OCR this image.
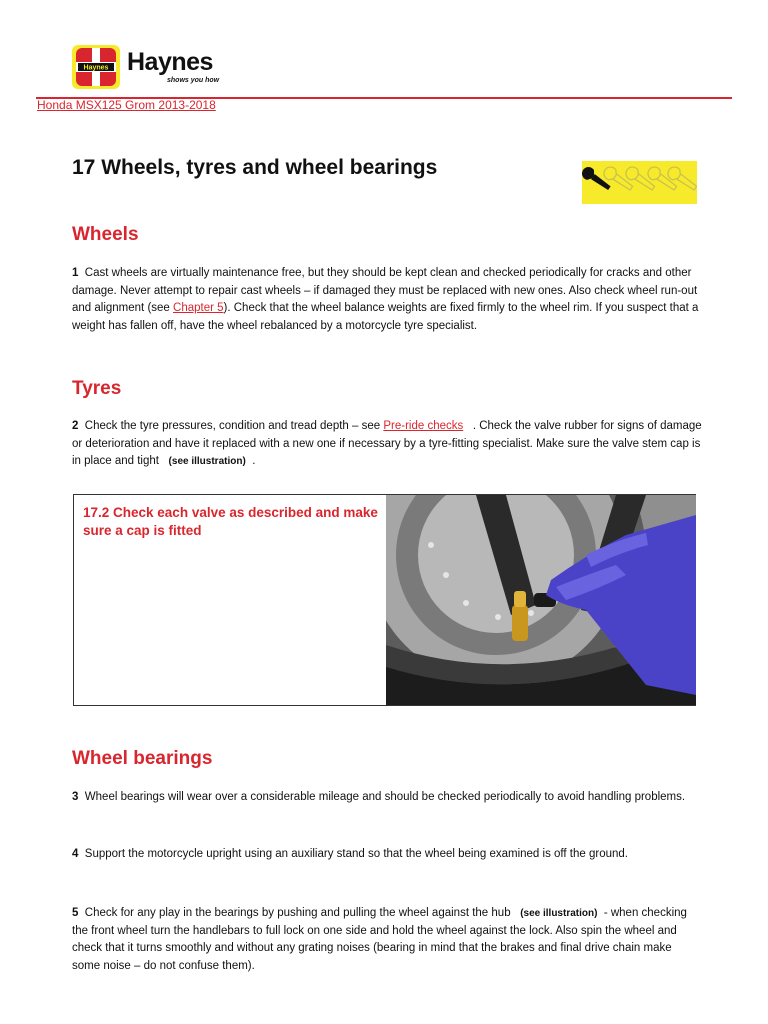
Haynes Haynes
shows you how
Honda MSX125 Grom 2013-2018
17 Wheels, tyres and wheel bearings
Wheels

1 Cast wheels are virtually maintenance free, but they should be kept clean and checked periodically for cracks and other damage. Never attempt to repair cast wheels – if damaged they must be replaced with new ones. Also check wheel run-out and alignment (see Chapter 5). Check that the wheel balance weights are fixed firmly to the wheel rim. If you suspect that a weight has fallen off, have the wheel rebalanced by a motorcycle tyre specialist.

Tyres

2 Check the tyre pressures, condition and tread depth – see Pre-ride checks . Check the valve rubber for signs of damage or deterioration and have it replaced with a new one if necessary by a tyre-fitting specialist. Make sure the valve stem cap is in place and tight (see illustration) .

17.2 Check each valve as described and make sure a cap is fitted
Wheel bearings

3 Wheel bearings will wear over a considerable mileage and should be checked periodically to avoid handling problems.

4 Support the motorcycle upright using an auxiliary stand so that the wheel being examined is off the ground.

5 Check for any play in the bearings by pushing and pulling the wheel against the hub (see illustration) - when checking the front wheel turn the handlebars to full lock on one side and hold the wheel against the lock. Also spin the wheel and check that it turns smoothly and without any grating noises (bearing in mind that the brakes and final drive chain make some noise – do not confuse them).
